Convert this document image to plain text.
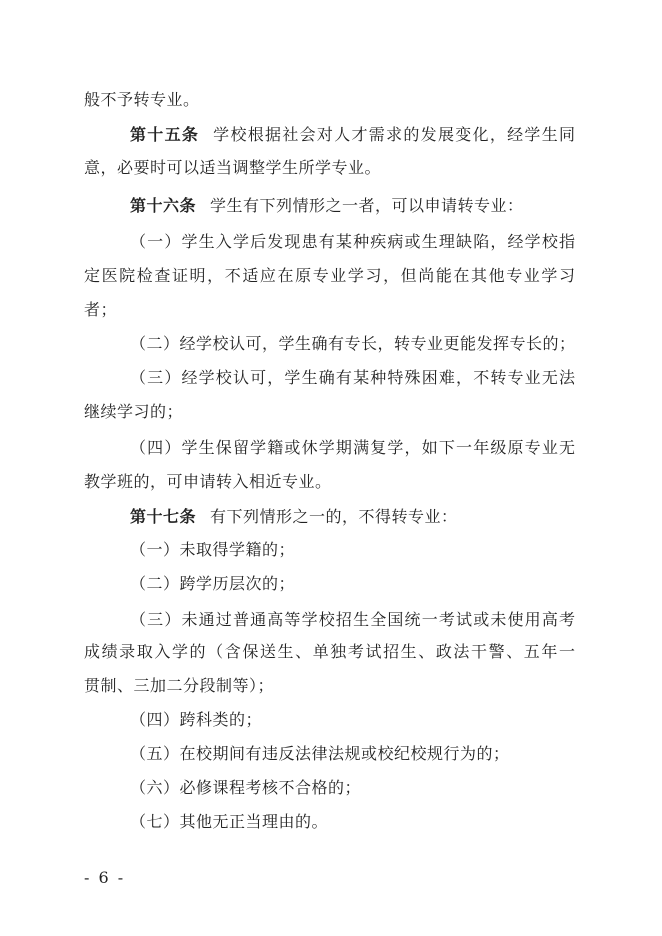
- 6 -
般不予转专业。
第十五条 学校根据社会对人才需求的发展变化，经学生同
意，必要时可以适当调整学生所学专业。
第十六条 学生有下列情形之一者，可以申请转专业：
（一）学生入学后发现患有某种疾病或生理缺陷，经学校指
定医院检查证明，不适应在原专业学习，但尚能在其他专业学习
者；
（二）经学校认可，学生确有专长，转专业更能发挥专长的；
（三）经学校认可，学生确有某种特殊困难，不转专业无法
继续学习的；
（四）学生保留学籍或休学期满复学，如下一年级原专业无
教学班的，可申请转入相近专业。
第十七条 有下列情形之一的，不得转专业：
（一）未取得学籍的；
（二）跨学历层次的；
（三）未通过普通高等学校招生全国统一考试或未使用高考
成绩录取入学的（含保送生、单独考试招生、政法干警、五年一
贯制、三加二分段制等）；
（四）跨科类的；
（五）在校期间有违反法律法规或校纪校规行为的；
（六）必修课程考核不合格的；
（七）其他无正当理由的。
